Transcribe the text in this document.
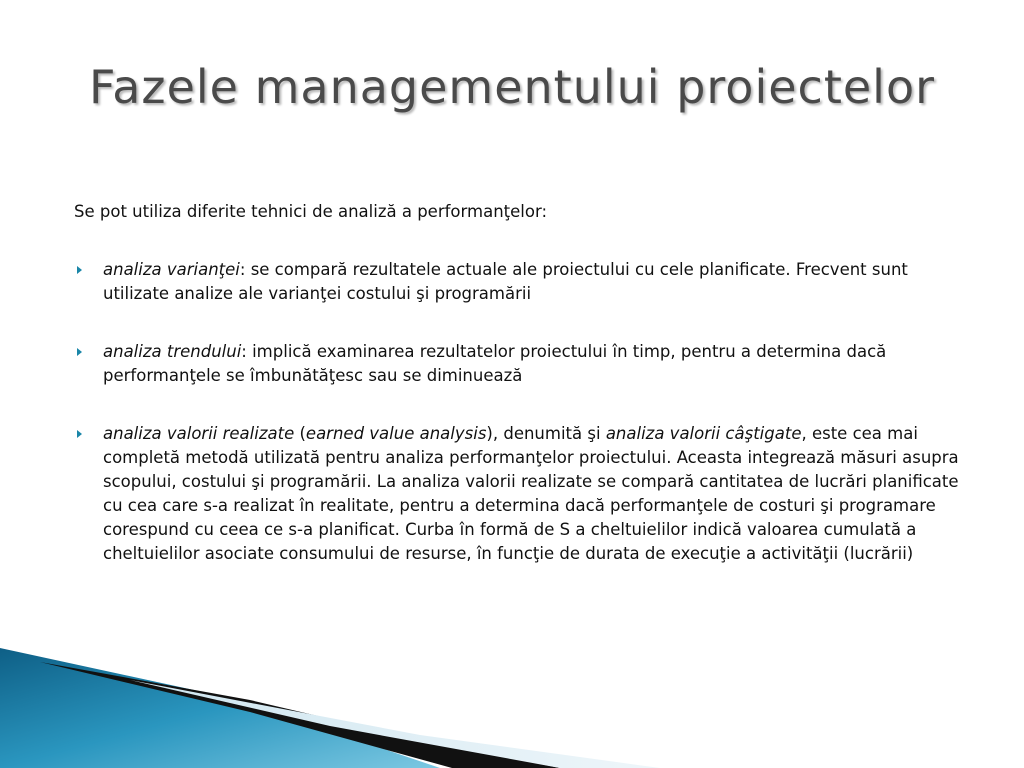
Fazele managementului proiectelor

Se pot utiliza diferite tehnici de analiză a performanţelor:

analiza varianţei: se compară rezultatele actuale ale proiectului cu cele planificate. Frecvent sunt utilizate analize ale varianţei costului şi programării
analiza trendului: implică examinarea rezultatelor proiectului în timp, pentru a determina dacă performanţele se îmbunătăţesc sau se diminuează
analiza valorii realizate (earned value analysis), denumită şi analiza valorii câştigate, este cea mai completă metodă utilizată pentru analiza performanţelor proiectului. Aceasta integrează măsuri asupra scopului, costului şi programării. La analiza valorii realizate se compară cantitatea de lucrări planificate cu cea care s-a realizat în realitate, pentru a determina dacă performanţele de costuri şi programare corespund cu ceea ce s-a planificat. Curba în formă de S a cheltuielilor indică valoarea cumulată a cheltuielilor asociate consumului de resurse, în funcţie de durata de execuţie a activităţii (lucrării)
